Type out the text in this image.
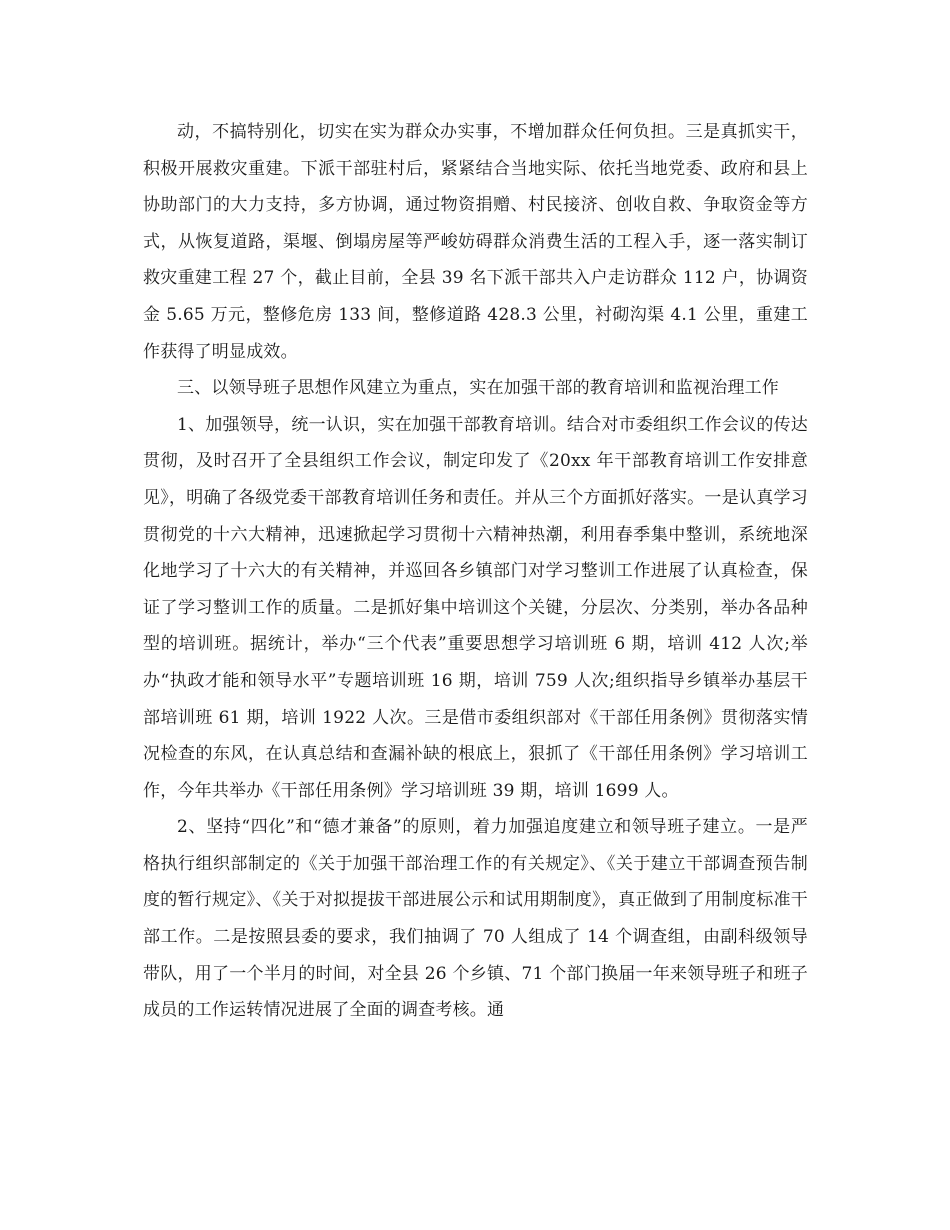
动，不搞特别化，切实在实为群众办实事，不增加群众任何负担。三是真抓实干，积极开展救灾重建。下派干部驻村后，紧紧结合当地实际、依托当地党委、政府和县上协助部门的大力支持，多方协调，通过物资捐赠、村民接济、创收自救、争取资金等方式，从恢复道路，渠堰、倒塌房屋等严峻妨碍群众消费生活的工程入手，逐一落实制订救灾重建工程 27 个，截止目前，全县 39 名下派干部共入户走访群众 112 户，协调资金 5.65 万元，整修危房 133 间，整修道路 428.3 公里，衬砌沟渠 4.1 公里，重建工作获得了明显成效。

三、以领导班子思想作风建立为重点，实在加强干部的教育培训和监视治理工作

1、加强领导，统一认识，实在加强干部教育培训。结合对市委组织工作会议的传达贯彻，及时召开了全县组织工作会议，制定印发了《20xx 年干部教育培训工作安排意见》，明确了各级党委干部教育培训任务和责任。并从三个方面抓好落实。一是认真学习贯彻党的十六大精神，迅速掀起学习贯彻十六精神热潮，利用春季集中整训，系统地深化地学习了十六大的有关精神，并巡回各乡镇部门对学习整训工作进展了认真检查，保证了学习整训工作的质量。二是抓好集中培训这个关键，分层次、分类别，举办各品种型的培训班。据统计，举办“三个代表”重要思想学习培训班 6 期，培训 412 人次;举办“执政才能和领导水平”专题培训班 16 期，培训 759 人次;组织指导乡镇举办基层干部培训班 61 期，培训 1922 人次。三是借市委组织部对《干部任用条例》贯彻落实情况检查的东风，在认真总结和查漏补缺的根底上，狠抓了《干部任用条例》学习培训工作，今年共举办《干部任用条例》学习培训班 39 期，培训 1699 人。

2、坚持“四化”和“德才兼备”的原则，着力加强追度建立和领导班子建立。一是严格执行组织部制定的《关于加强干部治理工作的有关规定》、《关于建立干部调查预告制度的暂行规定》、《关于对拟提拔干部进展公示和试用期制度》，真正做到了用制度标准干部工作。二是按照县委的要求，我们抽调了 70 人组成了 14 个调查组，由副科级领导带队，用了一个半月的时间，对全县 26 个乡镇、71 个部门换届一年来领导班子和班子成员的工作运转情况进展了全面的调查考核。通
